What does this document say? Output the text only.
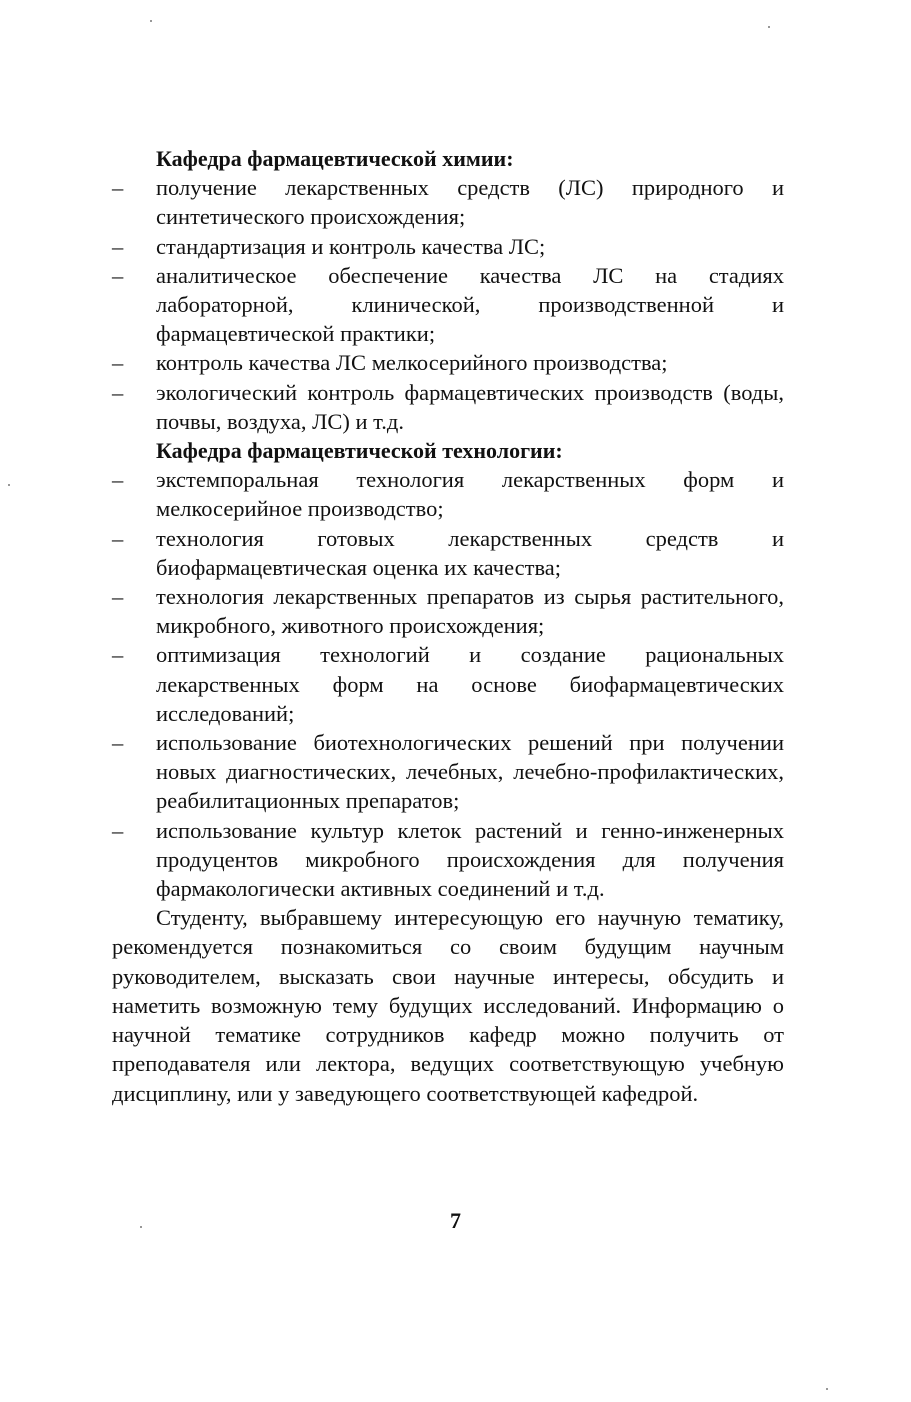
Кафедра фармацевтической химии:
– получение лекарственных средств (ЛС) природного и синтетического происхождения;
– стандартизация и контроль качества ЛС;
– аналитическое обеспечение качества ЛС на стадиях лабораторной, клинической, производственной и фармацевтической практики;
– контроль качества ЛС мелкосерийного производства;
– экологический контроль фармацевтических производств (воды, почвы, воздуха, ЛС) и т.д.
Кафедра фармацевтической технологии:
– экстемпоральная технология лекарственных форм и мелкосерийное производство;
– технология готовых лекарственных средств и биофармацевтическая оценка их качества;
– технология лекарственных препаратов из сырья растительного, микробного, животного происхождения;
– оптимизация технологий и создание рациональных лекарственных форм на основе биофармацевтических исследований;
– использование биотехнологических решений при получении новых диагностических, лечебных, лечебно-профилактических, реабилитационных препаратов;
– использование культур клеток растений и генно-инженерных продуцентов микробного происхождения для получения фармакологически активных соединений и т.д.
Студенту, выбравшему интересующую его научную тематику, рекомендуется познакомиться со своим будущим научным руководителем, высказать свои научные интересы, обсудить и наметить возможную тему будущих исследований. Информацию о научной тематике сотрудников кафедр можно получить от преподавателя или лектора, ведущих соответствующую учебную дисциплину, или у заведующего соответствующей кафедрой.
7
